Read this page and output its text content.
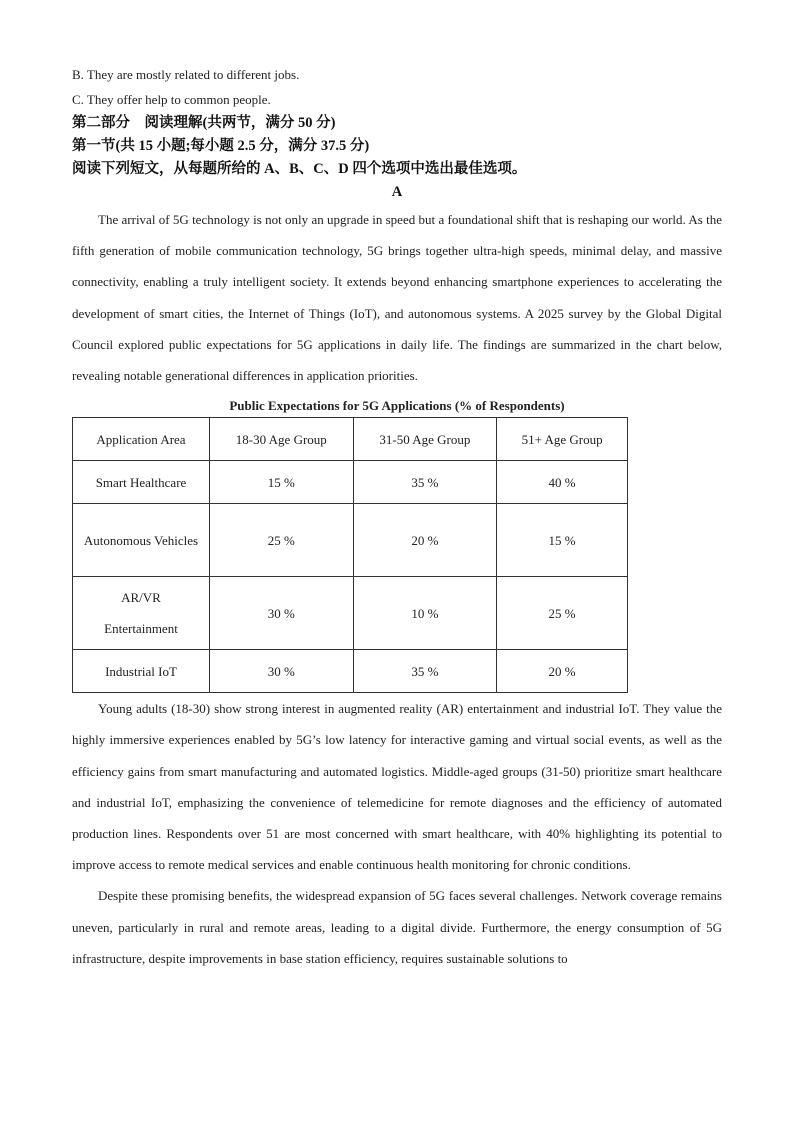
B. They are mostly related to different jobs.

C. They offer help to common people.

第二部分　阅读理解(共两节，满分 50 分)

第一节(共 15 小题;每小题 2.5 分，满分 37.5 分)

阅读下列短文，从每题所给的 A、B、C、D 四个选项中选出最佳选项。

A

The arrival of 5G technology is not only an upgrade in speed but a foundational shift that is reshaping our world. As the fifth generation of mobile communication technology, 5G brings together ultra-high speeds, minimal delay, and massive connectivity, enabling a truly intelligent society. It extends beyond enhancing smartphone experiences to accelerating the development of smart cities, the Internet of Things (IoT), and autonomous systems. A 2025 survey by the Global Digital Council explored public expectations for 5G applications in daily life. The findings are summarized in the chart below, revealing notable generational differences in application priorities.

Public Expectations for 5G Applications (% of Respondents)

Application Area	18-30 Age Group	31-50 Age Group	51+ Age Group
Smart Healthcare	15 %	35 %	40 %
Autonomous Vehicles	25 %	20 %	15 %
AR/VR Entertainment	30 %	10 %	25 %
Industrial IoT	30 %	35 %	20 %

Young adults (18-30) show strong interest in augmented reality (AR) entertainment and industrial IoT. They value the highly immersive experiences enabled by 5G’s low latency for interactive gaming and virtual social events, as well as the efficiency gains from smart manufacturing and automated logistics. Middle-aged groups (31-50) prioritize smart healthcare and industrial IoT, emphasizing the convenience of telemedicine for remote diagnoses and the efficiency of automated production lines. Respondents over 51 are most concerned with smart healthcare, with 40% highlighting its potential to improve access to remote medical services and enable continuous health monitoring for chronic conditions.

Despite these promising benefits, the widespread expansion of 5G faces several challenges. Network coverage remains uneven, particularly in rural and remote areas, leading to a digital divide. Furthermore, the energy consumption of 5G infrastructure, despite improvements in base station efficiency, requires sustainable solutions to
